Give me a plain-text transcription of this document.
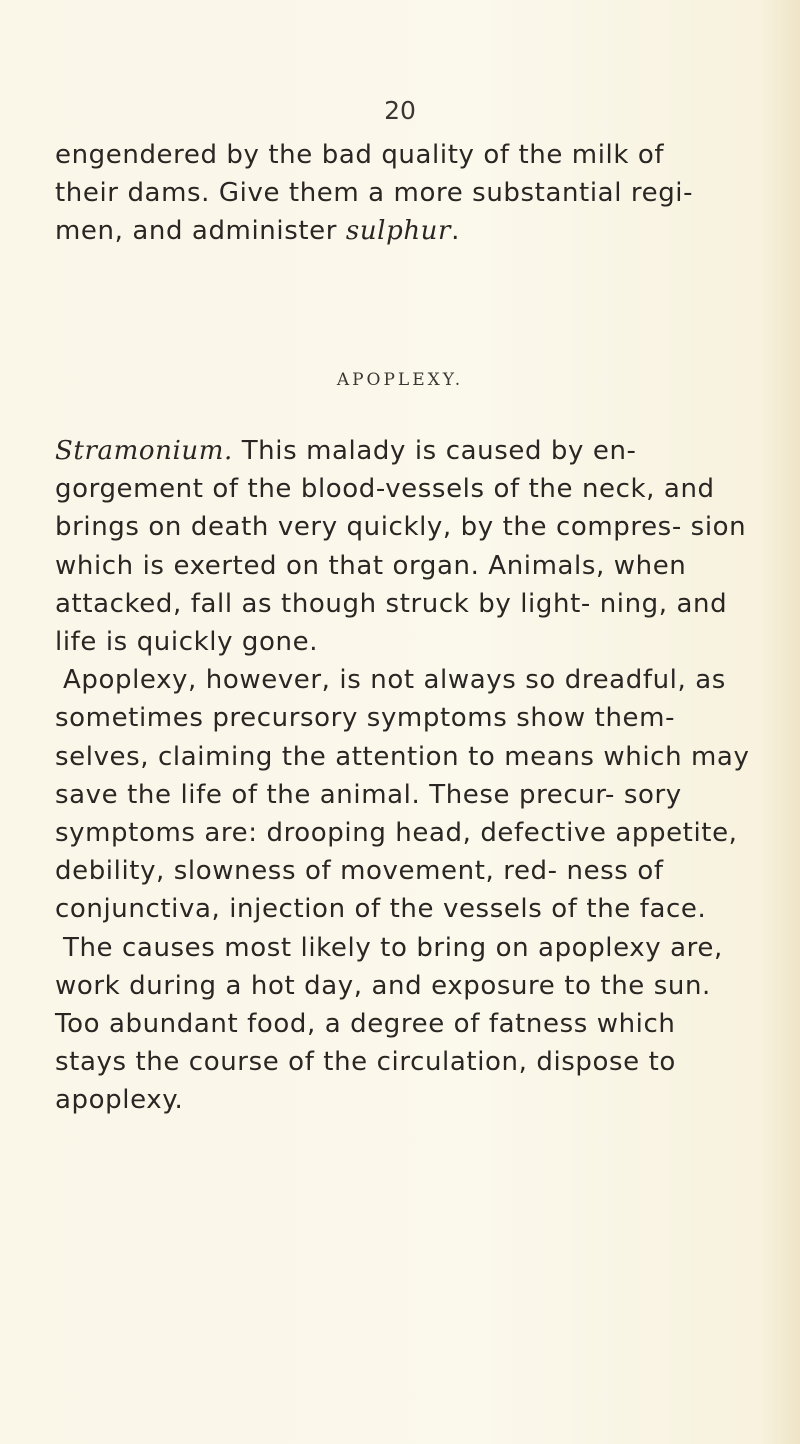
20

engendered by the bad quality of the milk of
their dams. Give them a more substantial regi-
men, and administer sulphur.

APOPLEXY.

Stramonium. This malady is caused by en-
gorgement of the blood-vessels of the neck, and brings on death very quickly, by the compres- sion which is exerted on that organ. Animals, when attacked, fall as though struck by light- ning, and life is quickly gone.

Apoplexy, however, is not always so dreadful, as sometimes precursory symptoms show them- selves, claiming the attention to means which may save the life of the animal. These precur- sory symptoms are: drooping head, defective appetite, debility, slowness of movement, red- ness of conjunctiva, injection of the vessels of the face.

The causes most likely to bring on apoplexy are, work during a hot day, and exposure to the sun. Too abundant food, a degree of fatness which stays the course of the circulation, dispose to apoplexy.
